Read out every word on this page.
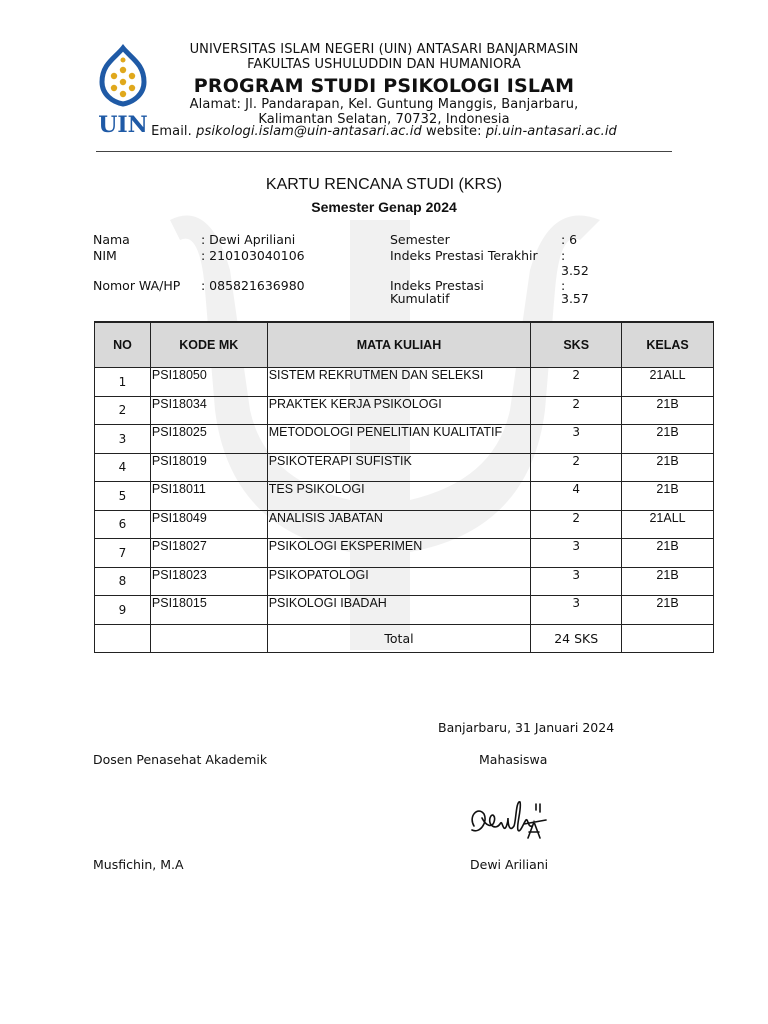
UIN
UNIVERSITAS ISLAM NEGERI (UIN) ANTASARI BANJARMASIN
FAKULTAS USHULUDDIN DAN HUMANIORA
PROGRAM STUDI PSIKOLOGI ISLAM
Alamat: Jl. Pandarapan, Kel. Guntung Manggis, Banjarbaru,
Kalimantan Selatan, 70732, Indonesia
Email. psikologi.islam@uin-antasari.ac.id website: pi.uin-antasari.ac.id
KARTU RENCANA STUDI (KRS)
Semester Genap 2024
Nama	: Dewi Apriliani
NIM	: 210103040106
Nomor WA/HP : 085821636980
Semester	: 6
Indeks Prestasi Terakhir :
3.52
Indeks Prestasi
Kumulatif
:
3.57
NO	KODE MK	MATA KULIAH	SKS	KELAS
1	PSI18050	SISTEM REKRUTMEN DAN SELEKSI	2	21ALL
2	PSI18034	PRAKTEK KERJA PSIKOLOGI	2	21B
3	PSI18025	METODOLOGI PENELITIAN KUALITATIF	3	21B
4	PSI18019	PSIKOTERAPI SUFISTIK	2	21B
5	PSI18011	TES PSIKOLOGI	4	21B
6	PSI18049	ANALISIS JABATAN	2	21ALL
7	PSI18027	PSIKOLOGI EKSPERIMEN	3	21B
8	PSI18023	PSIKOPATOLOGI	3	21B
9	PSI18015	PSIKOLOGI IBADAH	3	21B
		Total	24 SKS	
Banjarbaru, 31 Januari 2024
Dosen Penasehat Akademik	Mahasiswa
Musfichin, M.A	Dewi Ariliani
